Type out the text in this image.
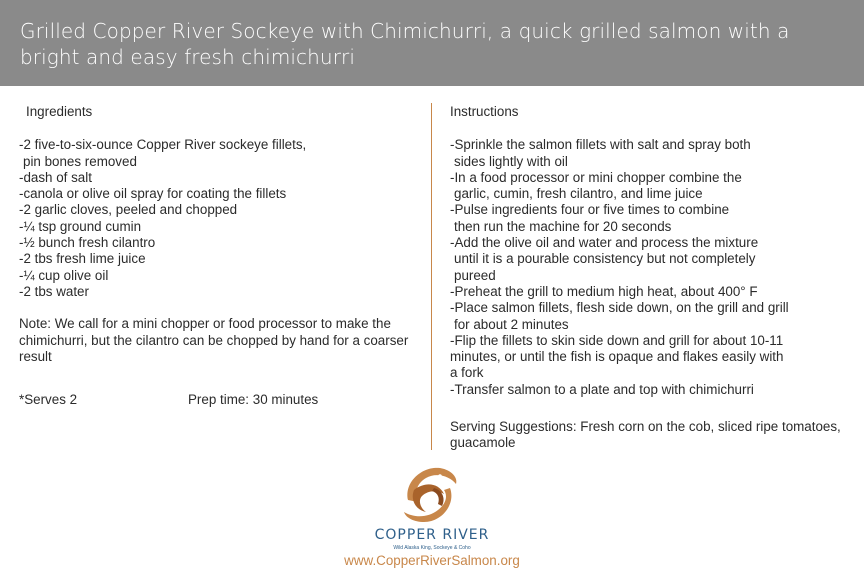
Grilled Copper River Sockeye with Chimichurri, a quick grilled salmon with a bright and easy fresh chimichurri
Ingredients
-2 five-to-six-ounce Copper River sockeye fillets,
pin bones removed
-dash of salt
-canola or olive oil spray for coating the fillets
-2 garlic cloves, peeled and chopped
-¼ tsp ground cumin
-½ bunch fresh cilantro
-2 tbs fresh lime juice
-¼ cup olive oil
-2 tbs water
Note: We call for a mini chopper or food processor to make the chimichurri, but the cilantro can be chopped by hand for a coarser result
*Serves 2	Prep time: 30 minutes
Instructions
-Sprinkle the salmon fillets with salt and spray both
sides lightly with oil
-In a food processor or mini chopper combine the
garlic, cumin, fresh cilantro, and lime juice
-Pulse ingredients four or five times to combine
then run the machine for 20 seconds
-Add the olive oil and water and process the mixture
until it is a pourable consistency but not completely
pureed
-Preheat the grill to medium high heat, about 400° F
-Place salmon fillets, flesh side down, on the grill and grill
for about 2 minutes
-Flip the fillets to skin side down and grill for about 10-11
minutes, or until the fish is opaque and flakes easily with
a fork
-Transfer salmon to a plate and top with chimichurri
Serving Suggestions: Fresh corn on the cob, sliced ripe tomatoes, guacamole
COPPER RIVER
Wild Alaska King, Sockeye & Coho
www.CopperRiverSalmon.org
